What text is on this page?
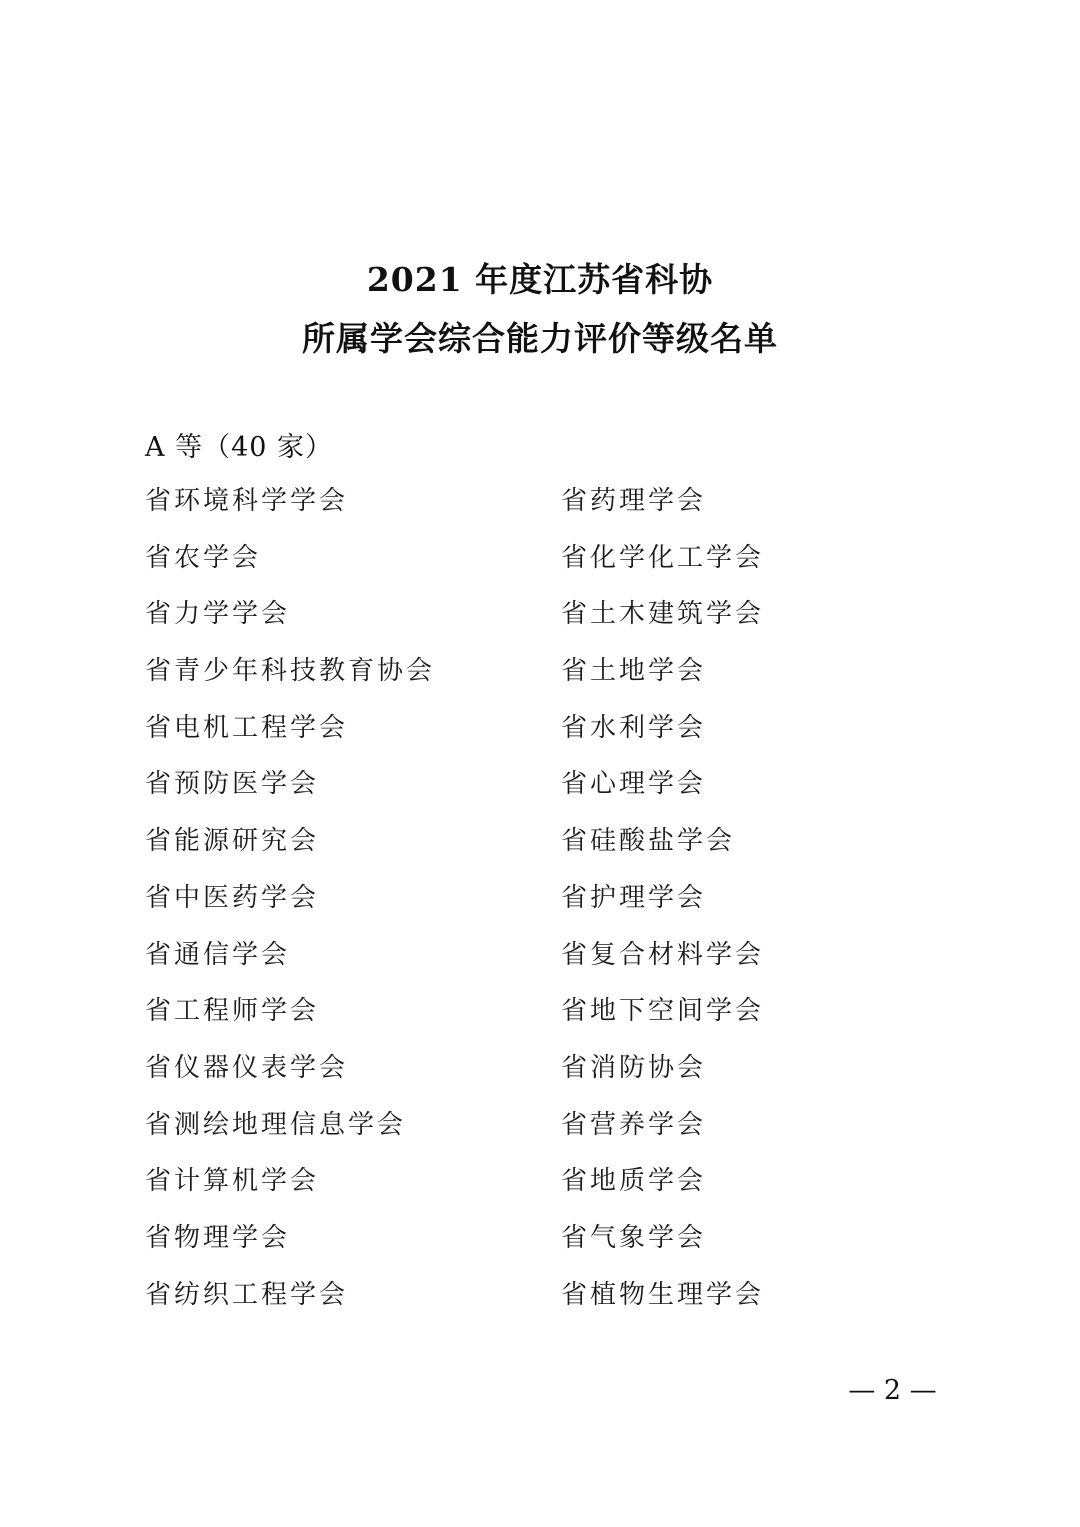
2021 年度江苏省科协
所属学会综合能力评价等级名单
A 等（40 家）
省环境科学学会
省农学会
省力学学会
省青少年科技教育协会
省电机工程学会
省预防医学会
省能源研究会
省中医药学会
省通信学会
省工程师学会
省仪器仪表学会
省测绘地理信息学会
省计算机学会
省物理学会
省纺织工程学会
省药理学会
省化学化工学会
省土木建筑学会
省土地学会
省水利学会
省心理学会
省硅酸盐学会
省护理学会
省复合材料学会
省地下空间学会
省消防协会
省营养学会
省地质学会
省气象学会
省植物生理学会
— 2 —
